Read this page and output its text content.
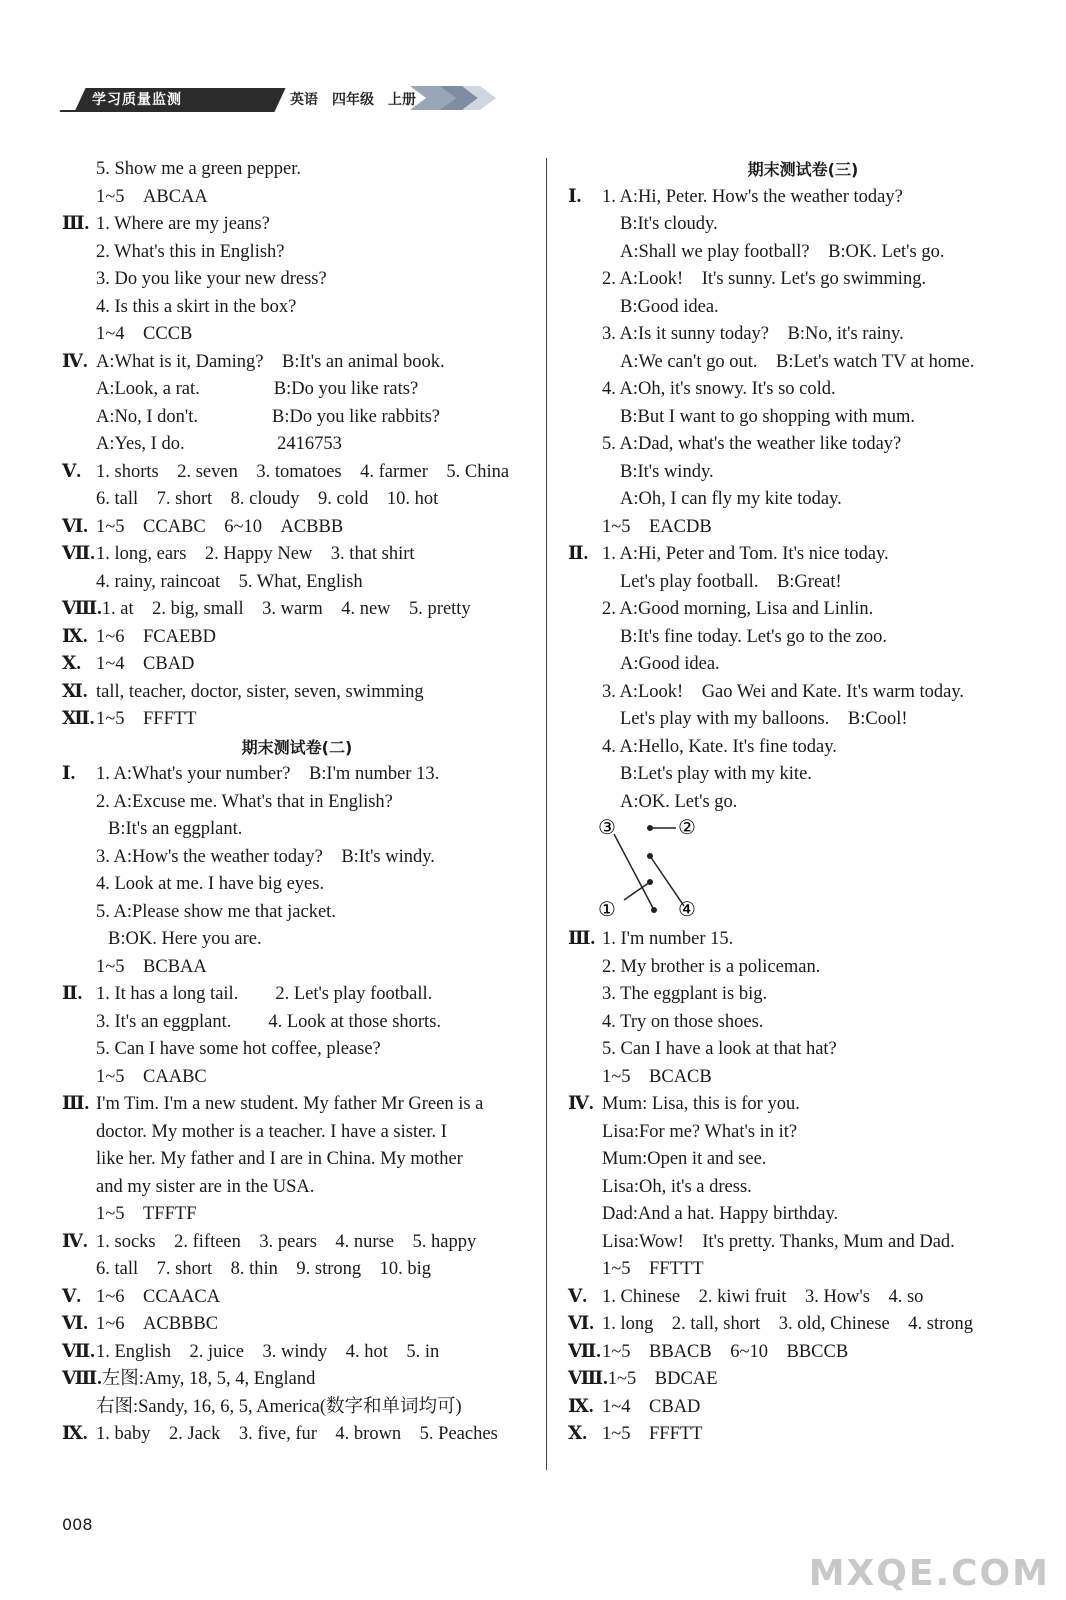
学习质量监测	英语　四年级　上册
5. Show me a green pepper.
1~5　ABCAA
Ⅲ. 1. Where are my jeans?
2. What's this in English?
3. Do you like your new dress?
4. Is this a skirt in the box?
1~4　CCCB
Ⅳ. A:What is it, Daming?　B:It's an animal book.
A:Look, a rat.　　　　B:Do you like rats?
A:No, I don't.　　　　B:Do you like rabbits?
A:Yes, I do.　　　　　2416753
Ⅴ. 1. shorts　2. seven　3. tomatoes　4. farmer　5. China
6. tall　7. short　8. cloudy　9. cold　10. hot
Ⅵ. 1~5　CCABC　6~10　ACBBB
Ⅶ.1. long, ears　2. Happy New　3. that shirt
4. rainy, raincoat　5. What, English
Ⅷ.1. at　2. big, small　3. warm　4. new　5. pretty
Ⅸ. 1~6　FCAEBD
Ⅹ. 1~4　CBAD
Ⅺ. tall, teacher, doctor, sister, seven, swimming
Ⅻ.1~5　FFFTT
期末测试卷(二)
Ⅰ. 1. A:What's your number?　B:I'm number 13.
2. A:Excuse me. What's that in English?
B:It's an eggplant.
3. A:How's the weather today?　B:It's windy.
4. Look at me. I have big eyes.
5. A:Please show me that jacket.
B:OK. Here you are.
1~5　BCBAA
Ⅱ. 1. It has a long tail.　　2. Let's play football.
3. It's an eggplant.　　4. Look at those shorts.
5. Can I have some hot coffee, please?
1~5　CAABC
Ⅲ. I'm Tim. I'm a new student. My father Mr Green is a
doctor. My mother is a teacher. I have a sister. I
like her. My father and I are in China. My mother
and my sister are in the USA.
1~5　TFFTF
Ⅳ. 1. socks　2. fifteen　3. pears　4. nurse　5. happy
6. tall　7. short　8. thin　9. strong　10. big
Ⅴ. 1~6　CCAACA
Ⅵ. 1~6　ACBBBC
Ⅶ.1. English　2. juice　3. windy　4. hot　5. in
Ⅷ.左图:Amy, 18, 5, 4, England
右图:Sandy, 16, 6, 5, America(数字和单词均可)
Ⅸ. 1. baby　2. Jack　3. five, fur　4. brown　5. Peaches
期末测试卷(三)
Ⅰ. 1. A:Hi, Peter. How's the weather today?
B:It's cloudy.
A:Shall we play football?　B:OK. Let's go.
2. A:Look!　It's sunny. Let's go swimming.
B:Good idea.
3. A:Is it sunny today?　B:No, it's rainy.
A:We can't go out.　B:Let's watch TV at home.
4. A:Oh, it's snowy. It's so cold.
B:But I want to go shopping with mum.
5. A:Dad, what's the weather like today?
B:It's windy.
A:Oh, I can fly my kite today.
1~5　EACDB
Ⅱ. 1. A:Hi, Peter and Tom. It's nice today.
Let's play football.　B:Great!
2. A:Good morning, Lisa and Linlin.
B:It's fine today. Let's go to the zoo.
A:Good idea.
3. A:Look!　Gao Wei and Kate. It's warm today.
Let's play with my balloons.　B:Cool!
4. A:Hello, Kate. It's fine today.
B:Let's play with my kite.
A:OK. Let's go.
Ⅲ. 1. I'm number 15.
2. My brother is a policeman.
3. The eggplant is big.
4. Try on those shoes.
5. Can I have a look at that hat?
1~5　BCACB
Ⅳ. Mum: Lisa, this is for you.
Lisa:For me? What's in it?
Mum:Open it and see.
Lisa:Oh, it's a dress.
Dad:And a hat. Happy birthday.
Lisa:Wow!　It's pretty. Thanks, Mum and Dad.
1~5　FFTTT
Ⅴ. 1. Chinese　2. kiwi fruit　3. How's　4. so
Ⅵ. 1. long　2. tall, short　3. old, Chinese　4. strong
Ⅶ.1~5　BBACB　6~10　BBCCB
Ⅷ.1~5　BDCAE
Ⅸ. 1~4　CBAD
Ⅹ. 1~5　FFFTT
③	②
①	④
008
MXQE.COM
